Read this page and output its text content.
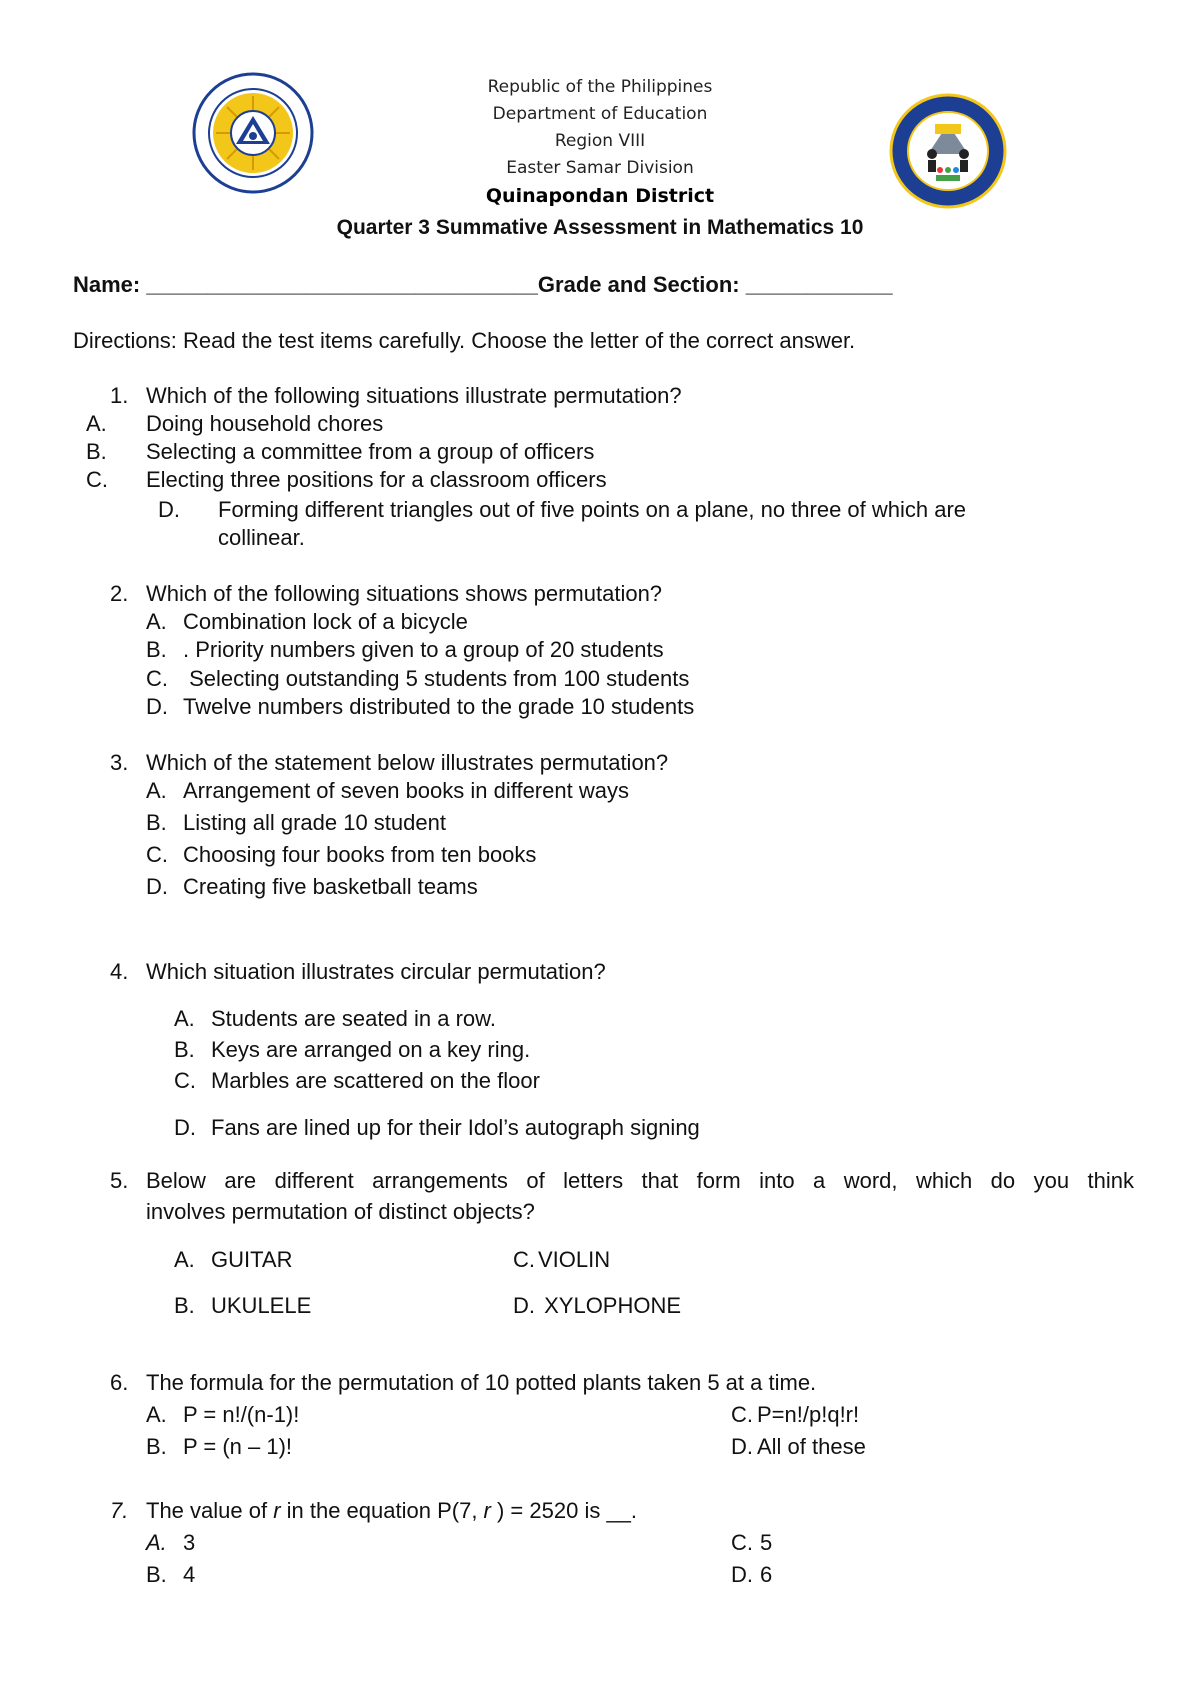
Republic of the Philippines
Department of Education
Region VIII
Easter Samar Division
Quinapondan District
Quarter 3 Summative Assessment in Mathematics 10
Name: ________________________________Grade and Section: ____________
Directions: Read the test items carefully. Choose the letter of the correct answer.
1. Which of the following situations illustrate permutation?
A. Doing household chores
B. Selecting a committee from a group of officers
C. Electing three positions for a classroom officers
D. Forming different triangles out of five points on a plane, no three of which are
collinear.
2. Which of the following situations shows permutation?
A. Combination lock of a bicycle
B. . Priority numbers given to a group of 20 students
C. Selecting outstanding 5 students from 100 students
D. Twelve numbers distributed to the grade 10 students
3. Which of the statement below illustrates permutation?
A. Arrangement of seven books in different ways
B. Listing all grade 10 student
C. Choosing four books from ten books
D. Creating five basketball teams
4. Which situation illustrates circular permutation?
A. Students are seated in a row.
B. Keys are arranged on a key ring.
C. Marbles are scattered on the floor
D. Fans are lined up for their Idol’s autograph signing
5. Below are different arrangements of letters that form into a word, which do you think
involves permutation of distinct objects?
A. GUITAR	C. VIOLIN
B. UKULELE	D. XYLOPHONE
6. The formula for the permutation of 10 potted plants taken 5 at a time.
A. P = n!/(n-1)!	C. P=n!/p!q!r!
B. P = (n – 1)!	D. All of these
7. The value of r in the equation P(7, r ) = 2520 is __.
A. 3	C. 5
B. 4	D. 6
